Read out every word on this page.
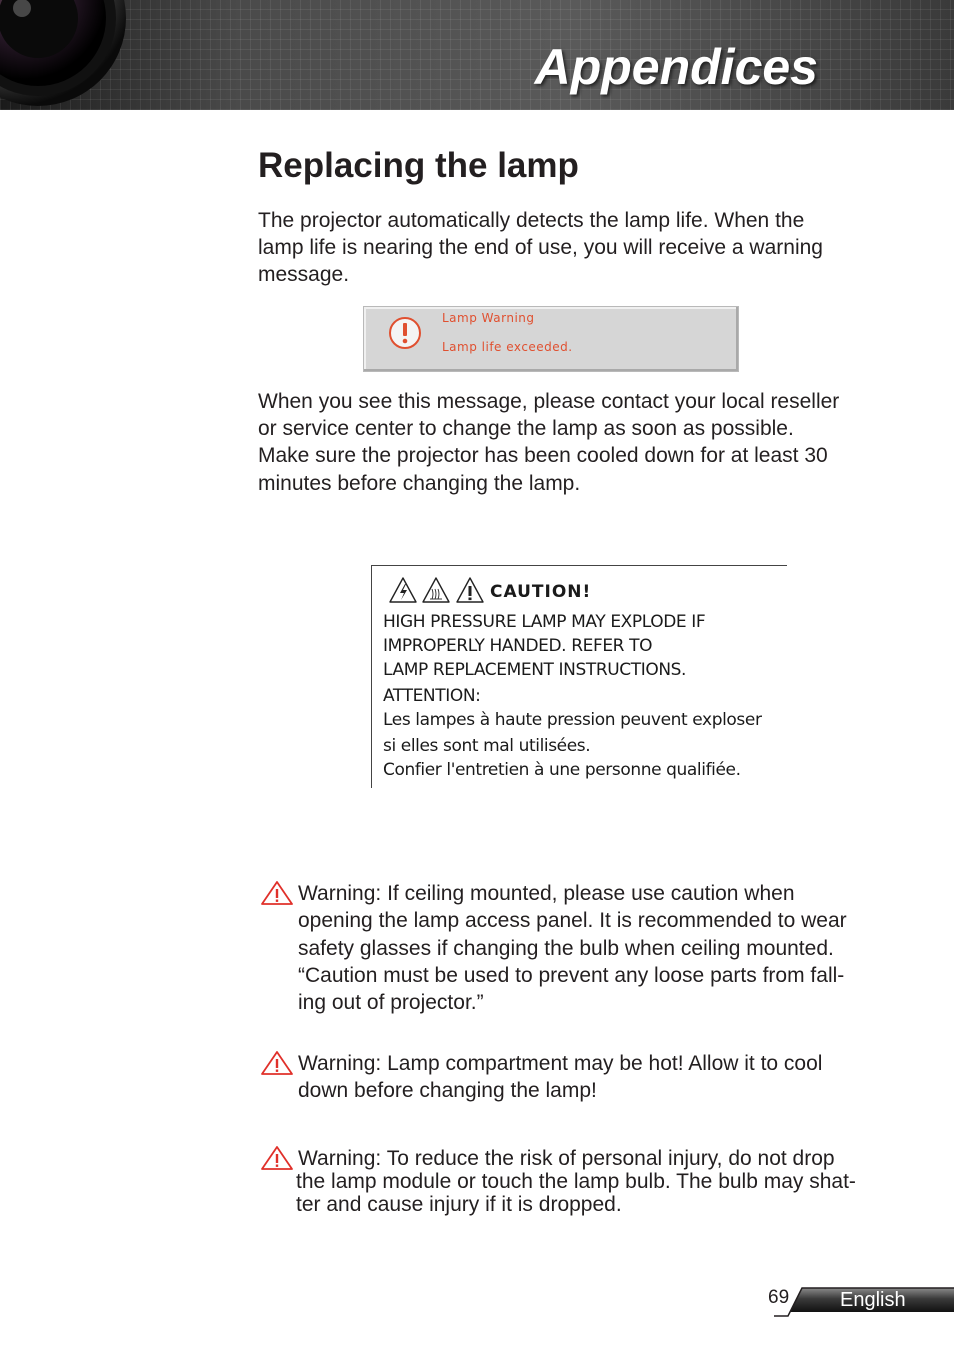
Appendices
Replacing the lamp

The projector automatically detects the lamp life. When the

lamp life is nearing the end of use, you will receive a warning

message.

Lamp Warning
Lamp life exceeded.

When you see this message, please contact your local reseller

or service center to change the lamp as soon as possible.

Make sure the projector has been cooled down for at least 30

minutes before changing the lamp.

CAUTION!
HIGH PRESSURE LAMP MAY EXPLODE IF
IMPROPERLY HANDED. REFER TO
LAMP REPLACEMENT INSTRUCTIONS.
ATTENTION:
Les lampes à haute pression peuvent exploser
si elles sont mal utilisées.
Confier l'entretien à une personne qualifiée.
Warning: If ceiling mounted, please use caution when
opening the lamp access panel. It is recommended to wear
safety glasses if changing the bulb when ceiling mounted.
“Caution must be used to prevent any loose parts from fall-
ing out of projector.”
Warning: Lamp compartment may be hot! Allow it to cool
down before changing the lamp!
Warning: To reduce the risk of personal injury, do not drop
the lamp module or touch the lamp bulb. The bulb may shat-
ter and cause injury if it is dropped.
69	English
